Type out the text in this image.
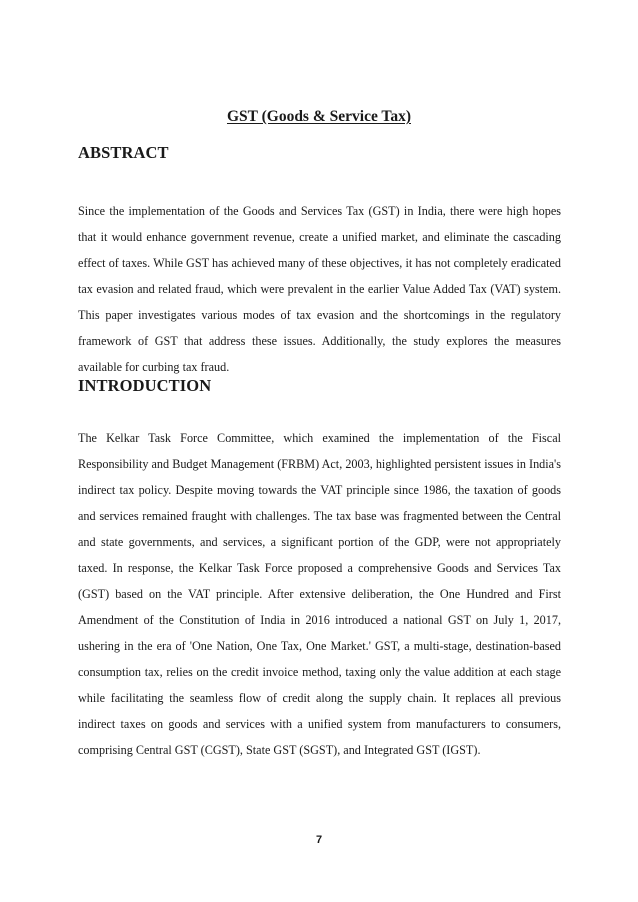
GST (Goods & Service Tax)
ABSTRACT

Since the implementation of the Goods and Services Tax (GST) in India, there were high hopes that it would enhance government revenue, create a unified market, and eliminate the cascading effect of taxes. While GST has achieved many of these objectives, it has not completely eradicated tax evasion and related fraud, which were prevalent in the earlier Value Added Tax (VAT) system. This paper investigates various modes of tax evasion and the shortcomings in the regulatory framework of GST that address these issues. Additionally, the study explores the measures available for curbing tax fraud.

INTRODUCTION

The Kelkar Task Force Committee, which examined the implementation of the Fiscal Responsibility and Budget Management (FRBM) Act, 2003, highlighted persistent issues in India's indirect tax policy. Despite moving towards the VAT principle since 1986, the taxation of goods and services remained fraught with challenges. The tax base was fragmented between the Central and state governments, and services, a significant portion of the GDP, were not appropriately taxed. In response, the Kelkar Task Force proposed a comprehensive Goods and Services Tax (GST) based on the VAT principle. After extensive deliberation, the One Hundred and First Amendment of the Constitution of India in 2016 introduced a national GST on July 1, 2017, ushering in the era of 'One Nation, One Tax, One Market.' GST, a multi-stage, destination-based consumption tax, relies on the credit invoice method, taxing only the value addition at each stage while facilitating the seamless flow of credit along the supply chain. It replaces all previous indirect taxes on goods and services with a unified system from manufacturers to consumers, comprising Central GST (CGST), State GST (SGST), and Integrated GST (IGST).

7
